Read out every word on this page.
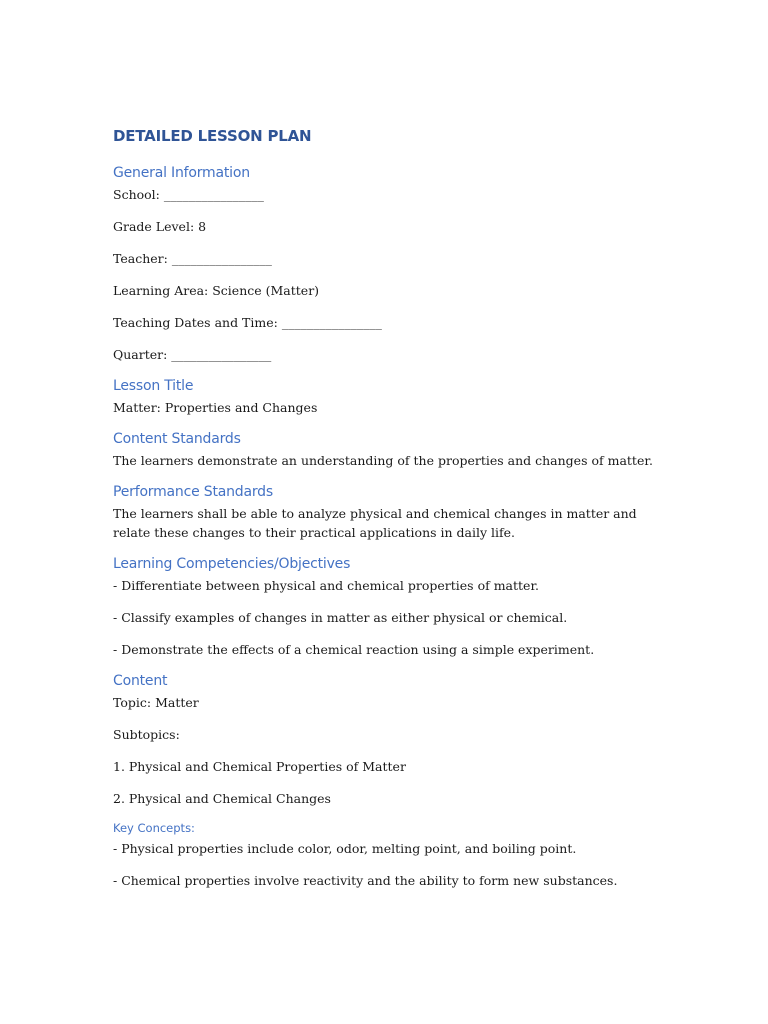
DETAILED LESSON PLAN
General Information

School: ________________

Grade Level: 8

Teacher: ________________

Learning Area: Science (Matter)

Teaching Dates and Time: ________________

Quarter: ________________

Lesson Title

Matter: Properties and Changes

Content Standards

The learners demonstrate an understanding of the properties and changes of matter.

Performance Standards

The learners shall be able to analyze physical and chemical changes in matter and relate these changes to their practical applications in daily life.

Learning Competencies/Objectives

- Differentiate between physical and chemical properties of matter.

- Classify examples of changes in matter as either physical or chemical.

- Demonstrate the effects of a chemical reaction using a simple experiment.

Content

Topic: Matter

Subtopics:

1. Physical and Chemical Properties of Matter

2. Physical and Chemical Changes

Key Concepts:

- Physical properties include color, odor, melting point, and boiling point.

- Chemical properties involve reactivity and the ability to form new substances.
